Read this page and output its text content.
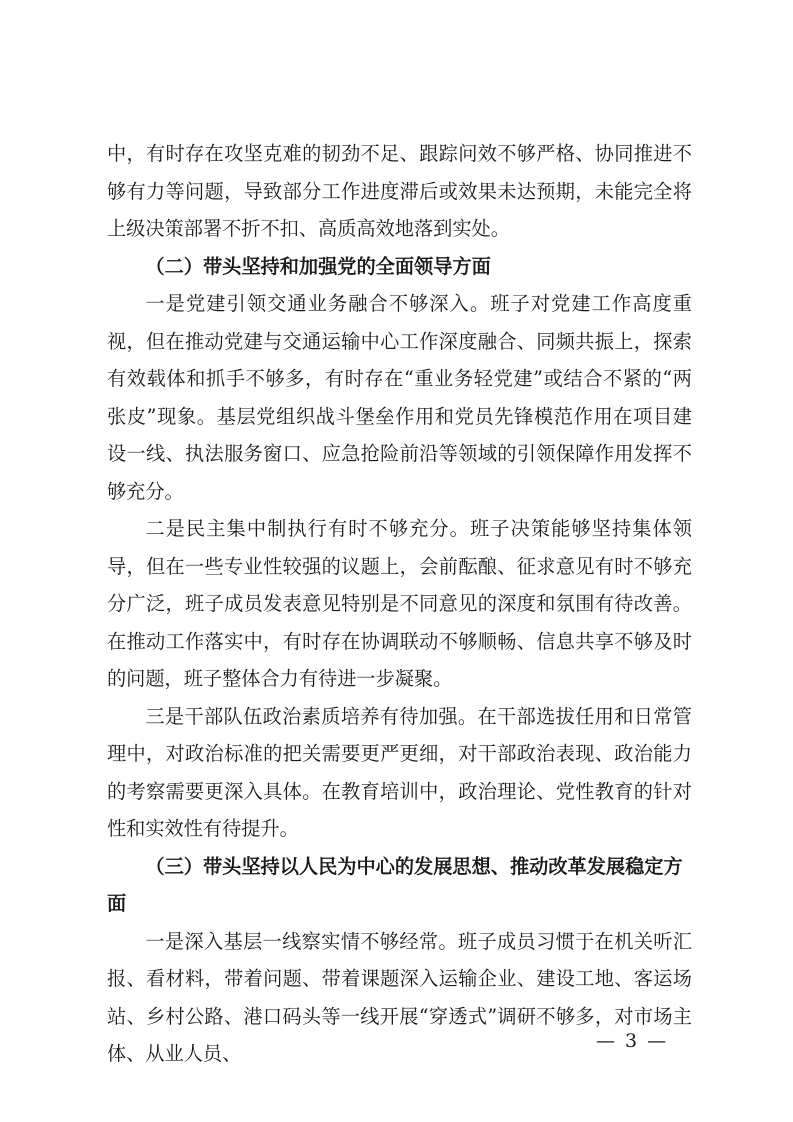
中，有时存在攻坚克难的韧劲不足、跟踪问效不够严格、协同推进不够有力等问题，导致部分工作进度滞后或效果未达预期，未能完全将上级决策部署不折不扣、高质高效地落到实处。

（二）带头坚持和加强党的全面领导方面

一是党建引领交通业务融合不够深入。班子对党建工作高度重视，但在推动党建与交通运输中心工作深度融合、同频共振上，探索有效载体和抓手不够多，有时存在“重业务轻党建”或结合不紧的“两张皮”现象。基层党组织战斗堡垒作用和党员先锋模范作用在项目建设一线、执法服务窗口、应急抢险前沿等领域的引领保障作用发挥不够充分。

二是民主集中制执行有时不够充分。班子决策能够坚持集体领导，但在一些专业性较强的议题上，会前酝酿、征求意见有时不够充分广泛，班子成员发表意见特别是不同意见的深度和氛围有待改善。在推动工作落实中，有时存在协调联动不够顺畅、信息共享不够及时的问题，班子整体合力有待进一步凝聚。

三是干部队伍政治素质培养有待加强。在干部选拔任用和日常管理中，对政治标准的把关需要更严更细，对干部政治表现、政治能力的考察需要更深入具体。在教育培训中，政治理论、党性教育的针对性和实效性有待提升。

（三）带头坚持以人民为中心的发展思想、推动改革发展稳定方面

一是深入基层一线察实情不够经常。班子成员习惯于在机关听汇报、看材料，带着问题、带着课题深入运输企业、建设工地、客运场站、乡村公路、港口码头等一线开展“穿透式”调研不够多，对市场主体、从业人员、

— 3 —
